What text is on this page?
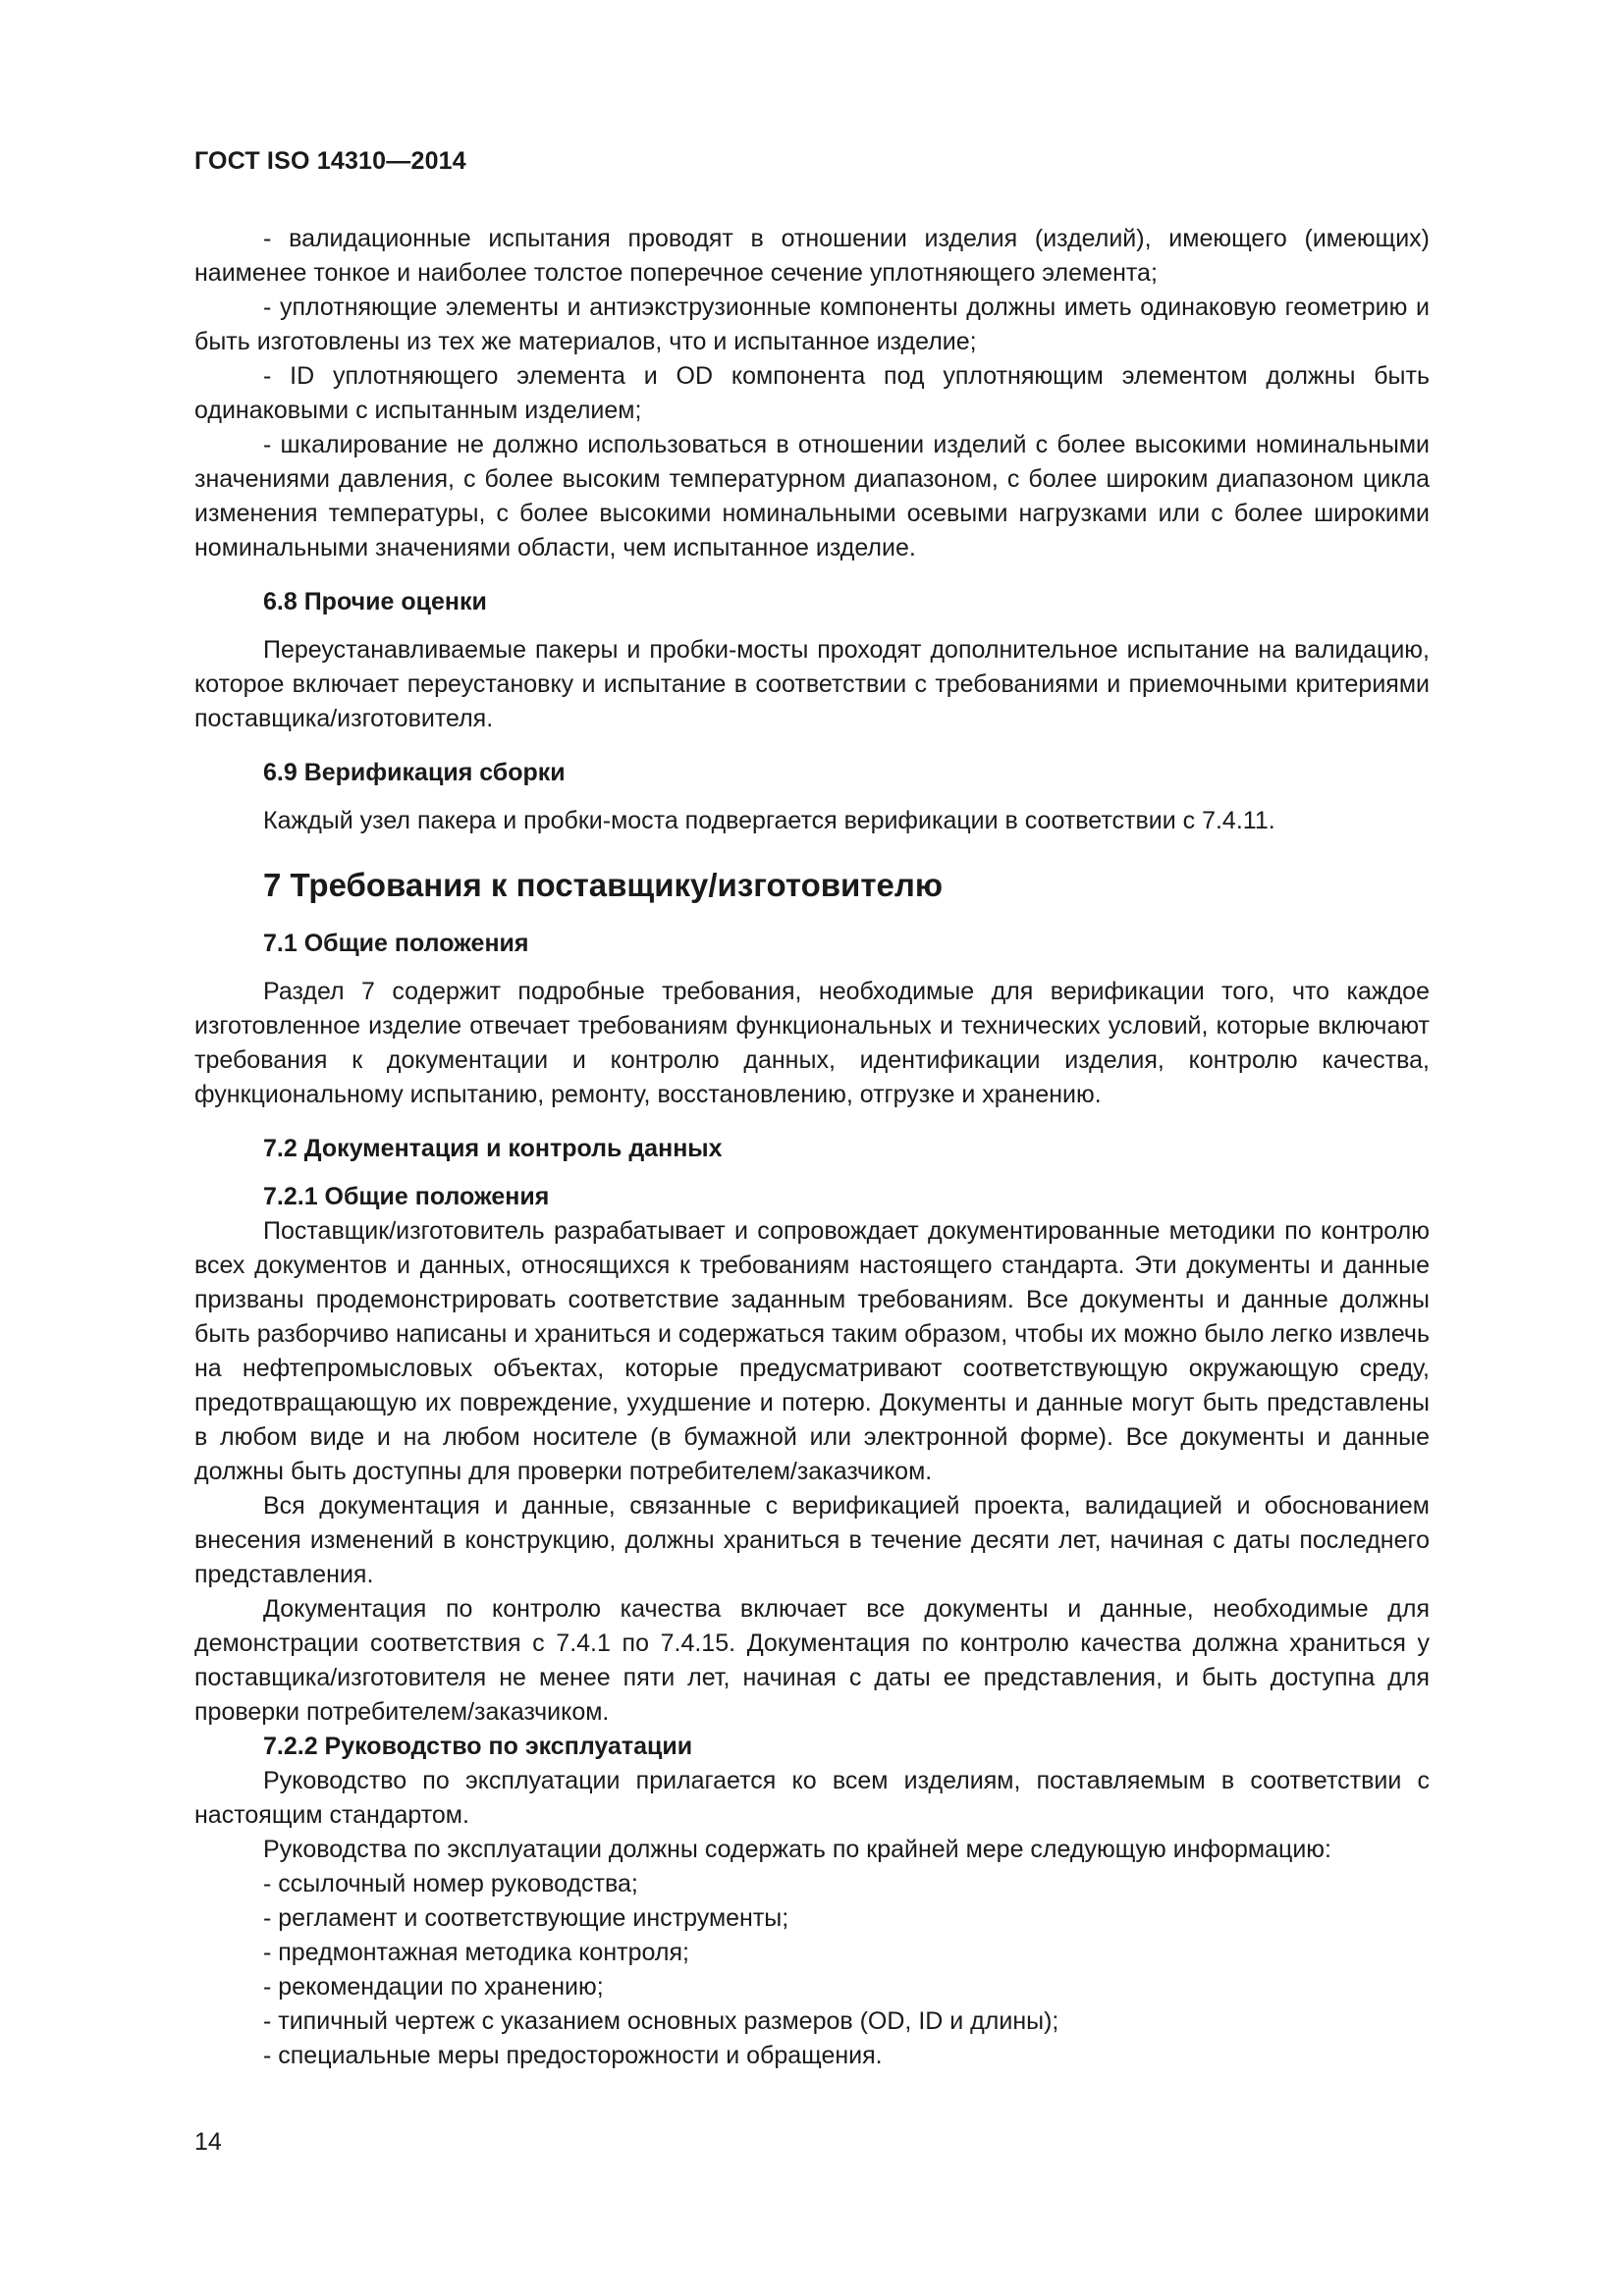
ГОСТ ISO 14310—2014

- валидационные испытания проводят в отношении изделия (изделий), имеющего (имеющих) наименее тонкое и наиболее толстое поперечное сечение уплотняющего элемента;

- уплотняющие элементы и антиэкструзионные компоненты должны иметь одинаковую геометрию и быть изготовлены из тех же материалов, что и испытанное изделие;

- ID уплотняющего элемента и OD компонента под уплотняющим элементом должны быть одинаковыми с испытанным изделием;

- шкалирование не должно использоваться в отношении изделий с более высокими номинальными значениями давления, с более высоким температурном диапазоном, с более широким диапазоном цикла изменения температуры, с более высокими номинальными осевыми нагрузками или с более широкими номинальными значениями области, чем испытанное изделие.

6.8 Прочие оценки

Переустанавливаемые пакеры и пробки-мосты проходят дополнительное испытание на валидацию, которое включает переустановку и испытание в соответствии с требованиями и приемочными критериями поставщика/изготовителя.

6.9 Верификация сборки

Каждый узел пакера и пробки-моста подвергается верификации в соответствии с 7.4.11.

7 Требования к поставщику/изготовителю
7.1 Общие положения

Раздел 7 содержит подробные требования, необходимые для верификации того, что каждое изготовленное изделие отвечает требованиям функциональных и технических условий, которые включают требования к документации и контролю данных, идентификации изделия, контролю качества, функциональному испытанию, ремонту, восстановлению, отгрузке и хранению.

7.2 Документация и контроль данных
7.2.1 Общие положения

Поставщик/изготовитель разрабатывает и сопровождает документированные методики по контролю всех документов и данных, относящихся к требованиям настоящего стандарта. Эти документы и данные призваны продемонстрировать соответствие заданным требованиям. Все документы и данные должны быть разборчиво написаны и храниться и содержаться таким образом, чтобы их можно было легко извлечь на нефтепромысловых объектах, которые предусматривают соответствующую окружающую среду, предотвращающую их повреждение, ухудшение и потерю. Документы и данные могут быть представлены в любом виде и на любом носителе (в бумажной или электронной форме). Все документы и данные должны быть доступны для проверки потребителем/заказчиком.

Вся документация и данные, связанные с верификацией проекта, валидацией и обоснованием внесения изменений в конструкцию, должны храниться в течение десяти лет, начиная с даты последнего представления.

Документация по контролю качества включает все документы и данные, необходимые для демонстрации соответствия с 7.4.1 по 7.4.15. Документация по контролю качества должна храниться у поставщика/изготовителя не менее пяти лет, начиная с даты ее представления, и быть доступна для проверки потребителем/заказчиком.

7.2.2 Руководство по эксплуатации

Руководство по эксплуатации прилагается ко всем изделиям, поставляемым в соответствии с настоящим стандартом.

Руководства по эксплуатации должны содержать по крайней мере следующую информацию:

- ссылочный номер руководства;

- регламент и соответствующие инструменты;

- предмонтажная методика контроля;

- рекомендации по хранению;

- типичный чертеж с указанием основных размеров (OD, ID и длины);

- специальные меры предосторожности и обращения.

14
